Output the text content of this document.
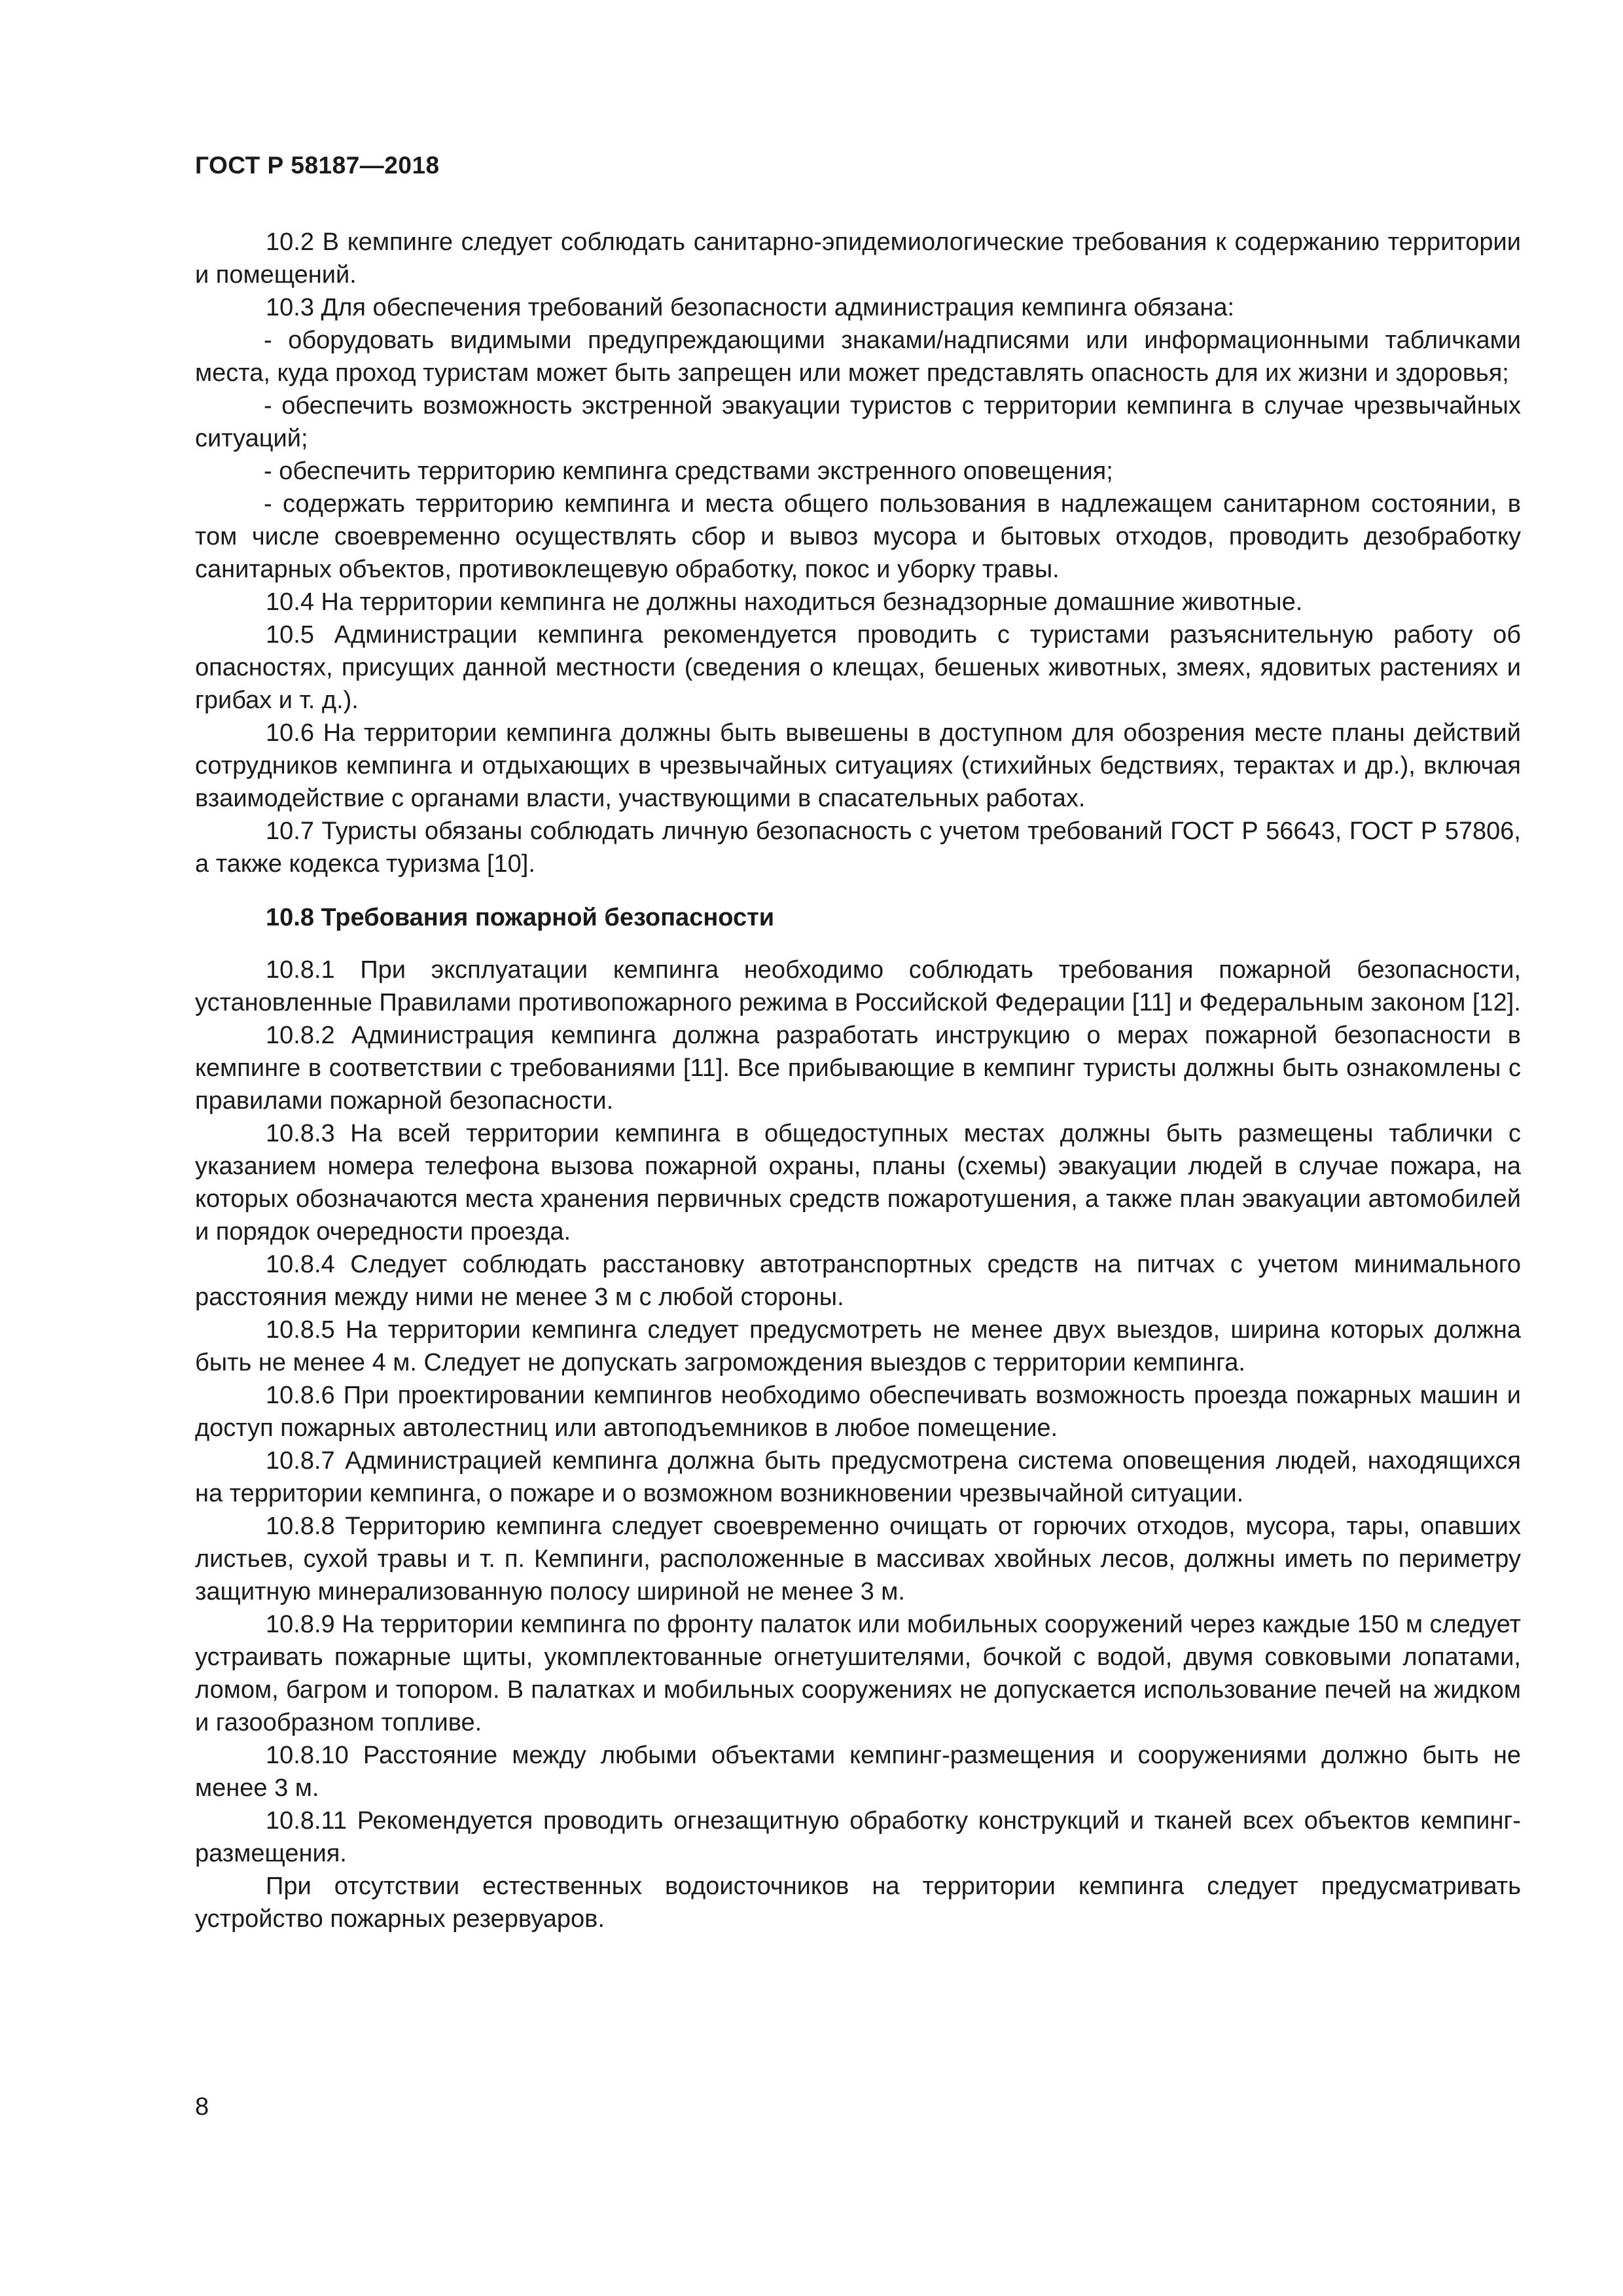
ГОСТ Р 58187—2018

10.2 В кемпинге следует соблюдать санитарно-эпидемиологические требования к содержанию территории и помещений.

10.3 Для обеспечения требований безопасности администрация кемпинга обязана:

- оборудовать видимыми предупреждающими знаками/надписями или информационными табличками места, куда проход туристам может быть запрещен или может представлять опасность для их жизни и здоровья;

- обеспечить возможность экстренной эвакуации туристов с территории кемпинга в случае чрезвычайных ситуаций;

- обеспечить территорию кемпинга средствами экстренного оповещения;

- содержать территорию кемпинга и места общего пользования в надлежащем санитарном состоянии, в том числе своевременно осуществлять сбор и вывоз мусора и бытовых отходов, проводить дезобработку санитарных объектов, противоклещевую обработку, покос и уборку травы.

10.4 На территории кемпинга не должны находиться безнадзорные домашние животные.

10.5 Администрации кемпинга рекомендуется проводить с туристами разъяснительную работу об опасностях, присущих данной местности (сведения о клещах, бешеных животных, змеях, ядовитых растениях и грибах и т. д.).

10.6 На территории кемпинга должны быть вывешены в доступном для обозрения месте планы действий сотрудников кемпинга и отдыхающих в чрезвычайных ситуациях (стихийных бедствиях, терактах и др.), включая взаимодействие с органами власти, участвующими в спасательных работах.

10.7 Туристы обязаны соблюдать личную безопасность с учетом требований ГОСТ Р 56643, ГОСТ Р 57806, а также кодекса туризма [10].

10.8 Требования пожарной безопасности

10.8.1 При эксплуатации кемпинга необходимо соблюдать требования пожарной безопасности, установленные Правилами противопожарного режима в Российской Федерации [11] и Федеральным законом [12].

10.8.2 Администрация кемпинга должна разработать инструкцию о мерах пожарной безопасности в кемпинге в соответствии с требованиями [11]. Все прибывающие в кемпинг туристы должны быть ознакомлены с правилами пожарной безопасности.

10.8.3 На всей территории кемпинга в общедоступных местах должны быть размещены таблички с указанием номера телефона вызова пожарной охраны, планы (схемы) эвакуации людей в случае пожара, на которых обозначаются места хранения первичных средств пожаротушения, а также план эвакуации автомобилей и порядок очередности проезда.

10.8.4 Следует соблюдать расстановку автотранспортных средств на питчах с учетом минимального расстояния между ними не менее 3 м с любой стороны.

10.8.5 На территории кемпинга следует предусмотреть не менее двух выездов, ширина которых должна быть не менее 4 м. Следует не допускать загромождения выездов с территории кемпинга.

10.8.6 При проектировании кемпингов необходимо обеспечивать возможность проезда пожарных машин и доступ пожарных автолестниц или автоподъемников в любое помещение.

10.8.7 Администрацией кемпинга должна быть предусмотрена система оповещения людей, находящихся на территории кемпинга, о пожаре и о возможном возникновении чрезвычайной ситуации.

10.8.8 Территорию кемпинга следует своевременно очищать от горючих отходов, мусора, тары, опавших листьев, сухой травы и т. п. Кемпинги, расположенные в массивах хвойных лесов, должны иметь по периметру защитную минерализованную полосу шириной не менее 3 м.

10.8.9 На территории кемпинга по фронту палаток или мобильных сооружений через каждые 150 м следует устраивать пожарные щиты, укомплектованные огнетушителями, бочкой с водой, двумя совковыми лопатами, ломом, багром и топором. В палатках и мобильных сооружениях не допускается использование печей на жидком и газообразном топливе.

10.8.10 Расстояние между любыми объектами кемпинг-размещения и сооружениями должно быть не менее 3 м.

10.8.11 Рекомендуется проводить огнезащитную обработку конструкций и тканей всех объектов кемпинг-размещения.

При отсутствии естественных водоисточников на территории кемпинга следует предусматривать устройство пожарных резервуаров.

8
